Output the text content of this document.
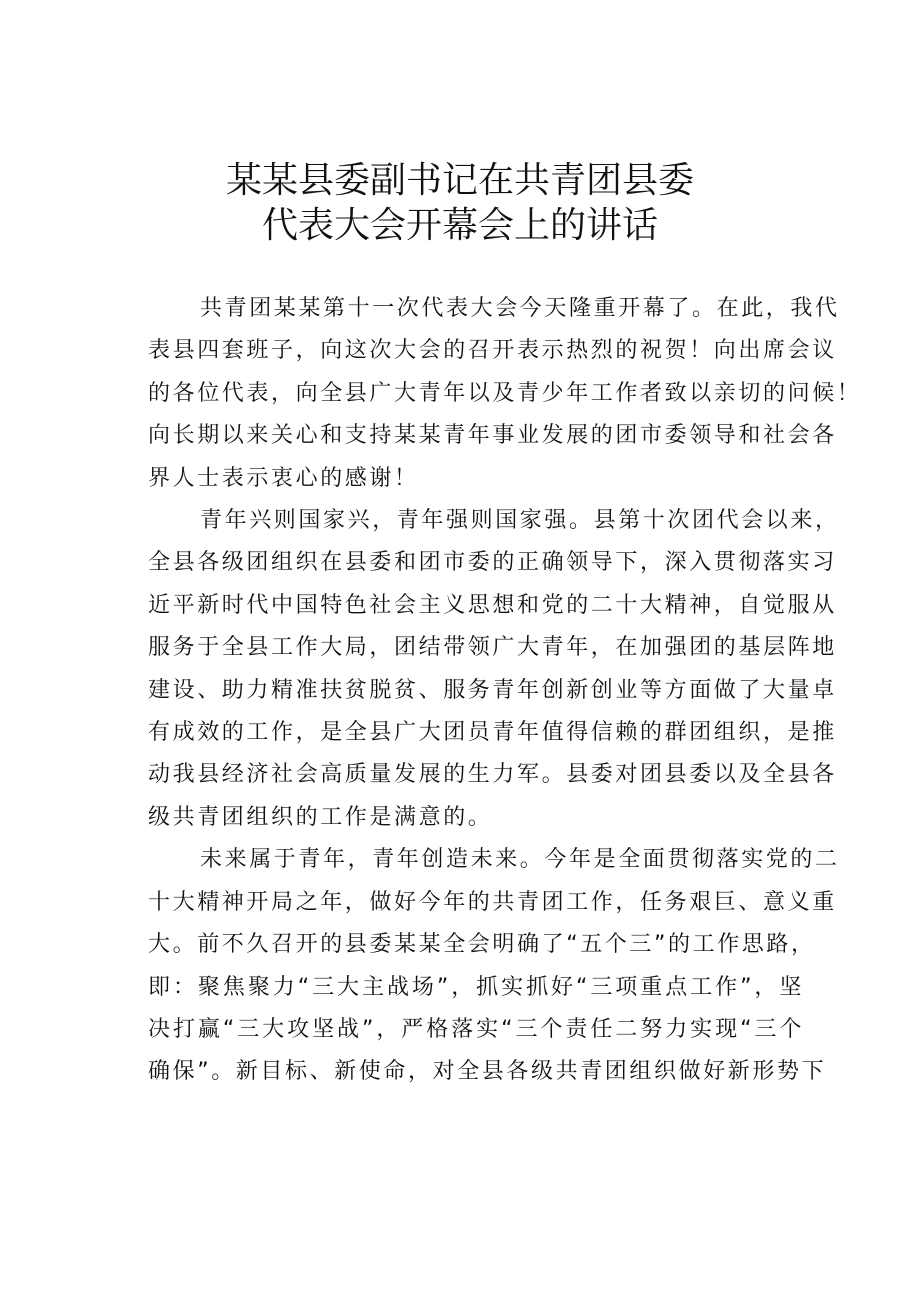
某某县委副书记在共青团县委
代表大会开幕会上的讲话
共青团某某第十一次代表大会今天隆重开幕了。在此，我代
表县四套班子，向这次大会的召开表示热烈的祝贺！向出席会议
的各位代表，向全县广大青年以及青少年工作者致以亲切的问候！
向长期以来关心和支持某某青年事业发展的团市委领导和社会各
界人士表示衷心的感谢！
青年兴则国家兴，青年强则国家强。县第十次团代会以来，
全县各级团组织在县委和团市委的正确领导下，深入贯彻落实习
近平新时代中国特色社会主义思想和党的二十大精神，自觉服从
服务于全县工作大局，团结带领广大青年，在加强团的基层阵地
建设、助力精准扶贫脱贫、服务青年创新创业等方面做了大量卓
有成效的工作，是全县广大团员青年值得信赖的群团组织，是推
动我县经济社会高质量发展的生力军。县委对团县委以及全县各
级共青团组织的工作是满意的。
未来属于青年，青年创造未来。今年是全面贯彻落实党的二
十大精神开局之年，做好今年的共青团工作，任务艰巨、意义重
大。前不久召开的县委某某全会明确了“五个三”的工作思路，
即：聚焦聚力“三大主战场”，抓实抓好“三项重点工作”，坚
决打赢“三大攻坚战”，严格落实“三个责任二努力实现“三个
确保”。新目标、新使命，对全县各级共青团组织做好新形势下
